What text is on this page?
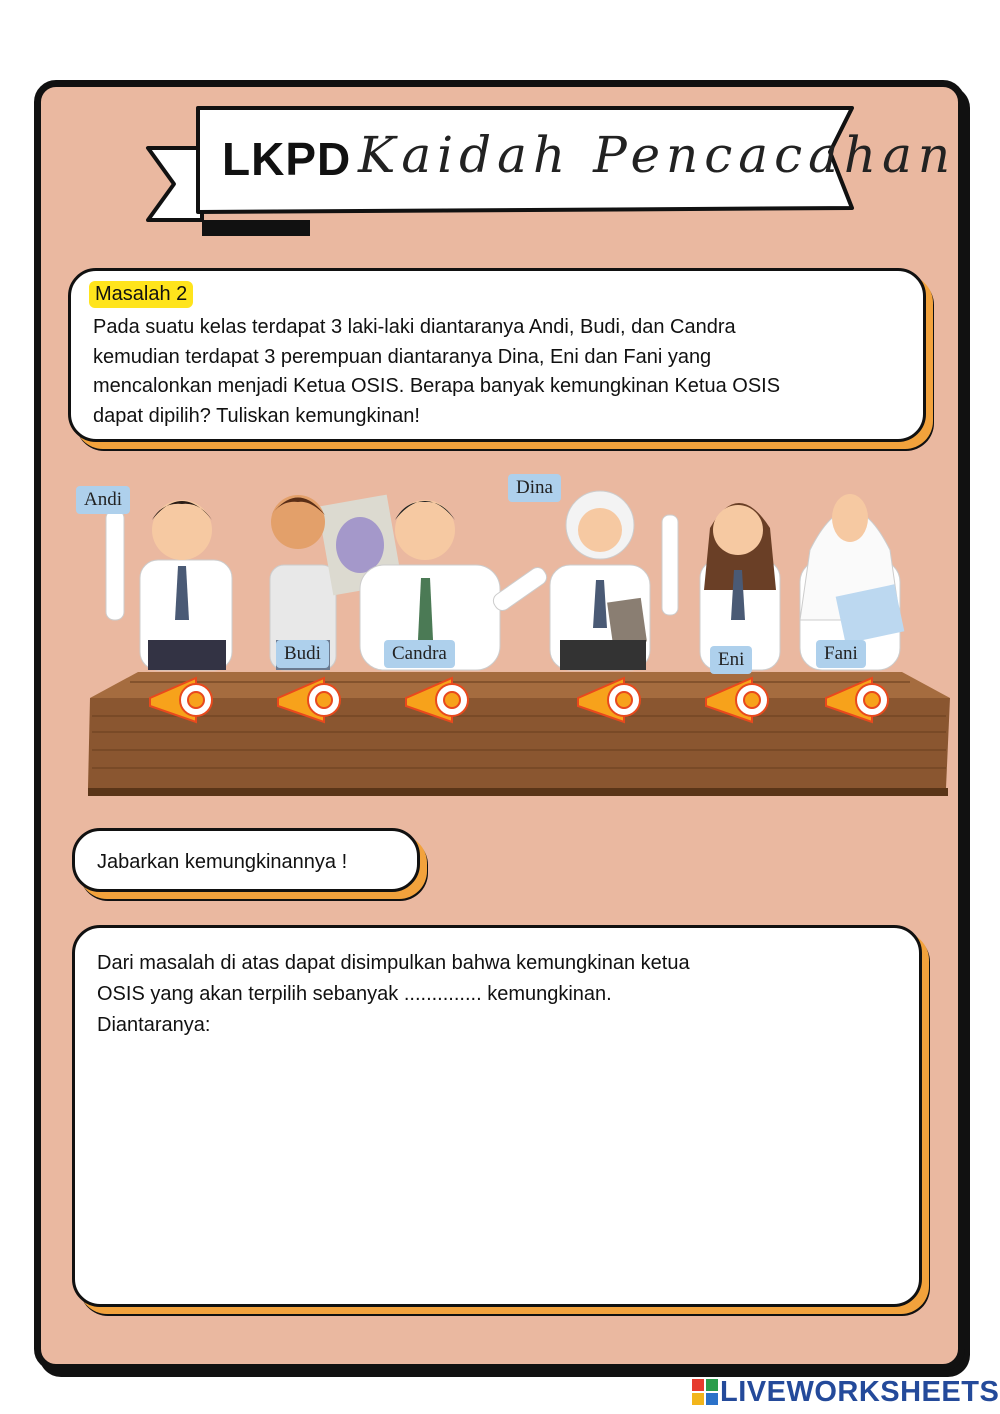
LKPD Kaidah Pencacahan
Masalah 2
Pada suatu kelas terdapat 3 laki-laki diantaranya Andi, Budi, dan Candra
kemudian terdapat 3 perempuan diantaranya Dina, Eni dan Fani yang
mencalonkan menjadi Ketua OSIS. Berapa banyak kemungkinan Ketua OSIS
dapat dipilih? Tuliskan kemungkinan!
Andi
Budi	Candra
Dina
Eni	Fani
Jabarkan kemungkinannya !
Dari masalah di atas dapat disimpulkan bahwa kemungkinan ketua
OSIS yang akan terpilih sebanyak .............. kemungkinan.
Diantaranya:
LIVEWORKSHEETS
